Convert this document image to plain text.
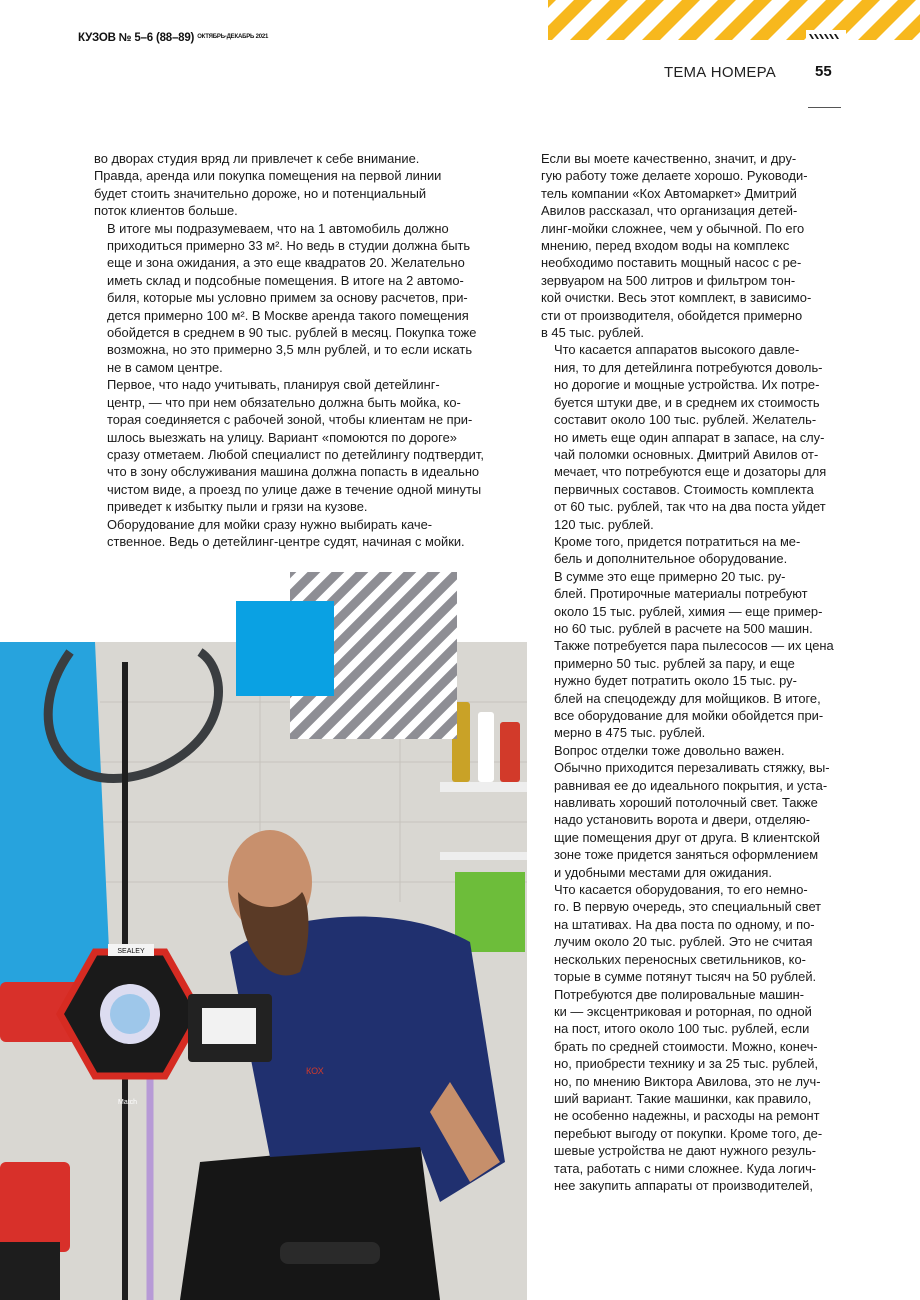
КУЗОВ № 5–6 (88–89) $^{ОКТЯБРЬ-ДЕКАБРЬ 2021}$
ТЕМА НОМЕРА	55

во дворах студия вряд ли привлечет к себе внимание.
Правда, аренда или покупка помещения на первой линии
будет стоить значительно дороже, но и потенциальный
поток клиентов больше.

В итоге мы подразумеваем, что на 1 автомобиль должно
приходиться примерно 33 м². Но ведь в студии должна быть
еще и зона ожидания, а это еще квадратов 20. Желательно
иметь склад и подсобные помещения. В итоге на 2 автомо-
биля, которые мы условно примем за основу расчетов, при-
дется примерно 100 м². В Москве аренда такого помещения
обойдется в среднем в 90 тыс. рублей в месяц. Покупка тоже
возможна, но это примерно 3,5 млн рублей, и то если искать
не в самом центре.

Первое, что надо учитывать, планируя свой детейлинг-
центр, — что при нем обязательно должна быть мойка, ко-
торая соединяется с рабочей зоной, чтобы клиентам не при-
шлось выезжать на улицу. Вариант «помоются по дороге»
сразу отметаем. Любой специалист по детейлингу подтвердит,
что в зону обслуживания машина должна попасть в идеально
чистом виде, а проезд по улице даже в течение одной минуты
приведет к избытку пыли и грязи на кузове.

Оборудование для мойки сразу нужно выбирать каче-
ственное. Ведь о детейлинг-центре судят, начиная с мойки.

Если вы моете качественно, значит, и дру-
гую работу тоже делаете хорошо. Руководи-
тель компании «Кох Автомаркет» Дмитрий
Авилов рассказал, что организация детей-
линг-мойки сложнее, чем у обычной. По его
мнению, перед входом воды на комплекс
необходимо поставить мощный насос с ре-
зервуаром на 500 литров и фильтром тон-
кой очистки. Весь этот комплект, в зависимо-
сти от производителя, обойдется примерно
в 45 тыс. рублей.

Что касается аппаратов высокого давле-
ния, то для детейлинга потребуются доволь-
но дорогие и мощные устройства. Их потре-
буется штуки две, и в среднем их стоимость
составит около 100 тыс. рублей. Желатель-
но иметь еще один аппарат в запасе, на слу-
чай поломки основных. Дмитрий Авилов от-
мечает, что потребуются еще и дозаторы для
первичных составов. Стоимость комплекта
от 60 тыс. рублей, так что на два поста уйдет
120 тыс. рублей.

Кроме того, придется потратиться на ме-
бель и дополнительное оборудование.
В сумме это еще примерно 20 тыс. ру-
блей. Протирочные материалы потребуют
около 15 тыс. рублей, химия — еще пример-
но 60 тыс. рублей в расчете на 500 машин.
Также потребуется пара пылесосов — их цена
примерно 50 тыс. рублей за пару, и еще
нужно будет потратить около 15 тыс. ру-
блей на спецодежду для мойщиков. В итоге,
все оборудование для мойки обойдется при-
мерно в 475 тыс. рублей.

Вопрос отделки тоже довольно важен.
Обычно приходится перезаливать стяжку, вы-
равнивая ее до идеального покрытия, и уста-
навливать хороший потолочный свет. Также
надо установить ворота и двери, отделяю-
щие помещения друг от друга. В клиентской
зоне тоже придется заняться оформлением
и удобными местами для ожидания.

Что касается оборудования, то его немно-
го. В первую очередь, это специальный свет
на штативах. На два поста по одному, и по-
лучим около 20 тыс. рублей. Это не считая
нескольких переносных светильников, ко-
торые в сумме потянут тысяч на 50 рублей.
Потребуются две полировальные машин-
ки — эксцентриковая и роторная, по одной
на пост, итого около 100 тыс. рублей, если
брать по средней стоимости. Можно, конеч-
но, приобрести технику и за 25 тыс. рублей,
но, по мнению Виктора Авилова, это не луч-
ший вариант. Такие машинки, как правило,
не особенно надежны, и расходы на ремонт
перебьют выгоду от покупки. Кроме того, де-
шевые устройства не дают нужного резуль-
тата, работать с ними сложнее. Куда логич-
нее закупить аппараты от производителей,

SEALEY
Match
КОХ
